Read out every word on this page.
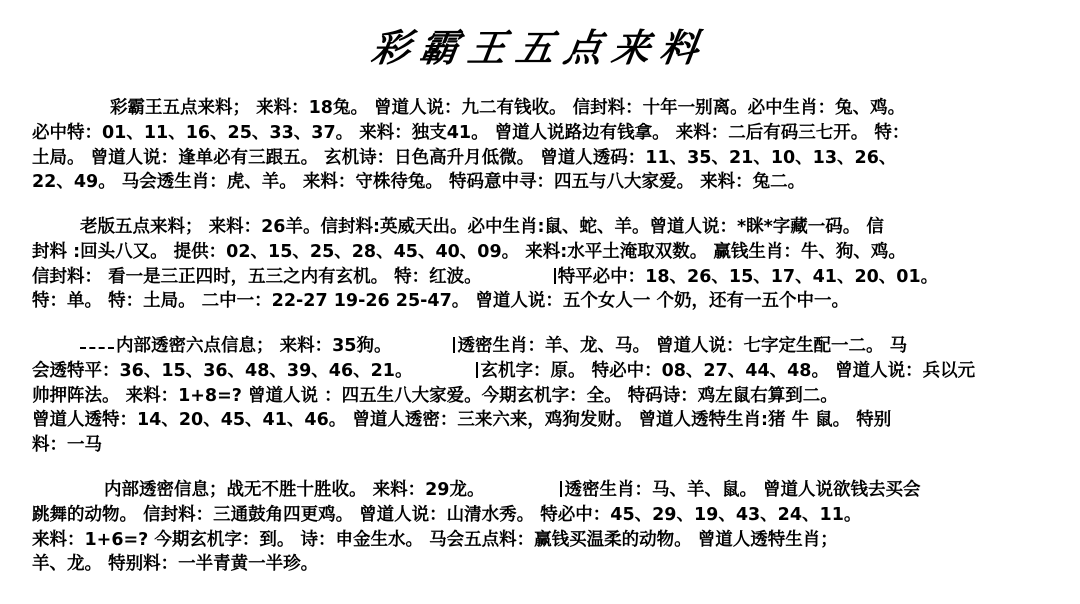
彩霸王五点来料
彩霸王五点来料； 来料：18兔。 曾道人说：九二有钱收。 信封料：十年一别离。必中生肖：兔、鸡。
必中特：01、11、16、25、33、37。 来料：独支41。 曾道人说路边有钱拿。 来料：二后有码三七开。 特：
土局。 曾道人说：逢单必有三跟五。 玄机诗：日色高升月低微。 曾道人透码：11、35、21、10、13、26、
22、49。 马会透生肖：虎、羊。 来料：守株待兔。 特码意中寻：四五与八大家爱。 来料：兔二。
老版五点来料； 来料：26羊。信封料:英威天出。必中生肖:鼠、蛇、羊。曾道人说：*眯*字藏一码。 信
封料 :回头八又。 提供：02、15、25、28、45、40、09。 来料:水平土淹取双数。 赢钱生肖：牛、狗、鸡。
信封料： 看一是三正四时，五三之内有玄机。 特：红波。	特平必中：18、26、15、17、41、20、01。
特：单。 特：土局。 二中一：22-27 19-26 25-47。 曾道人说：五个女人一 个奶，还有一五个中一。
内部透密六点信息； 来料：35狗。	透密生肖：羊、龙、马。 曾道人说：七字定生配一二。 马
会透特平：36、15、36、48、39、46、21。	玄机字：原。 特必中：08、27、44、48。 曾道人说：兵以元
帅押阵法。 来料：1+8=? 曾道人说 ：四五生八大家爱。今期玄机字：全。 特码诗：鸡左鼠右算到二。
曾道人透特：14、20、45、41、46。 曾道人透密：三来六来，鸡狗发财。 曾道人透特生肖:猪 牛 鼠。 特别
料：一马
内部透密信息；战无不胜十胜收。 来料：29龙。	透密生肖：马、羊、鼠。 曾道人说欲钱去买会
跳舞的动物。 信封料：三通鼓角四更鸡。 曾道人说：山清水秀。 特必中：45、29、19、43、24、11。
来料：1+6=? 今期玄机字：到。 诗：申金生水。 马会五点料：赢钱买温柔的动物。 曾道人透特生肖；
羊、龙。 特别料：一半青黄一半珍。
